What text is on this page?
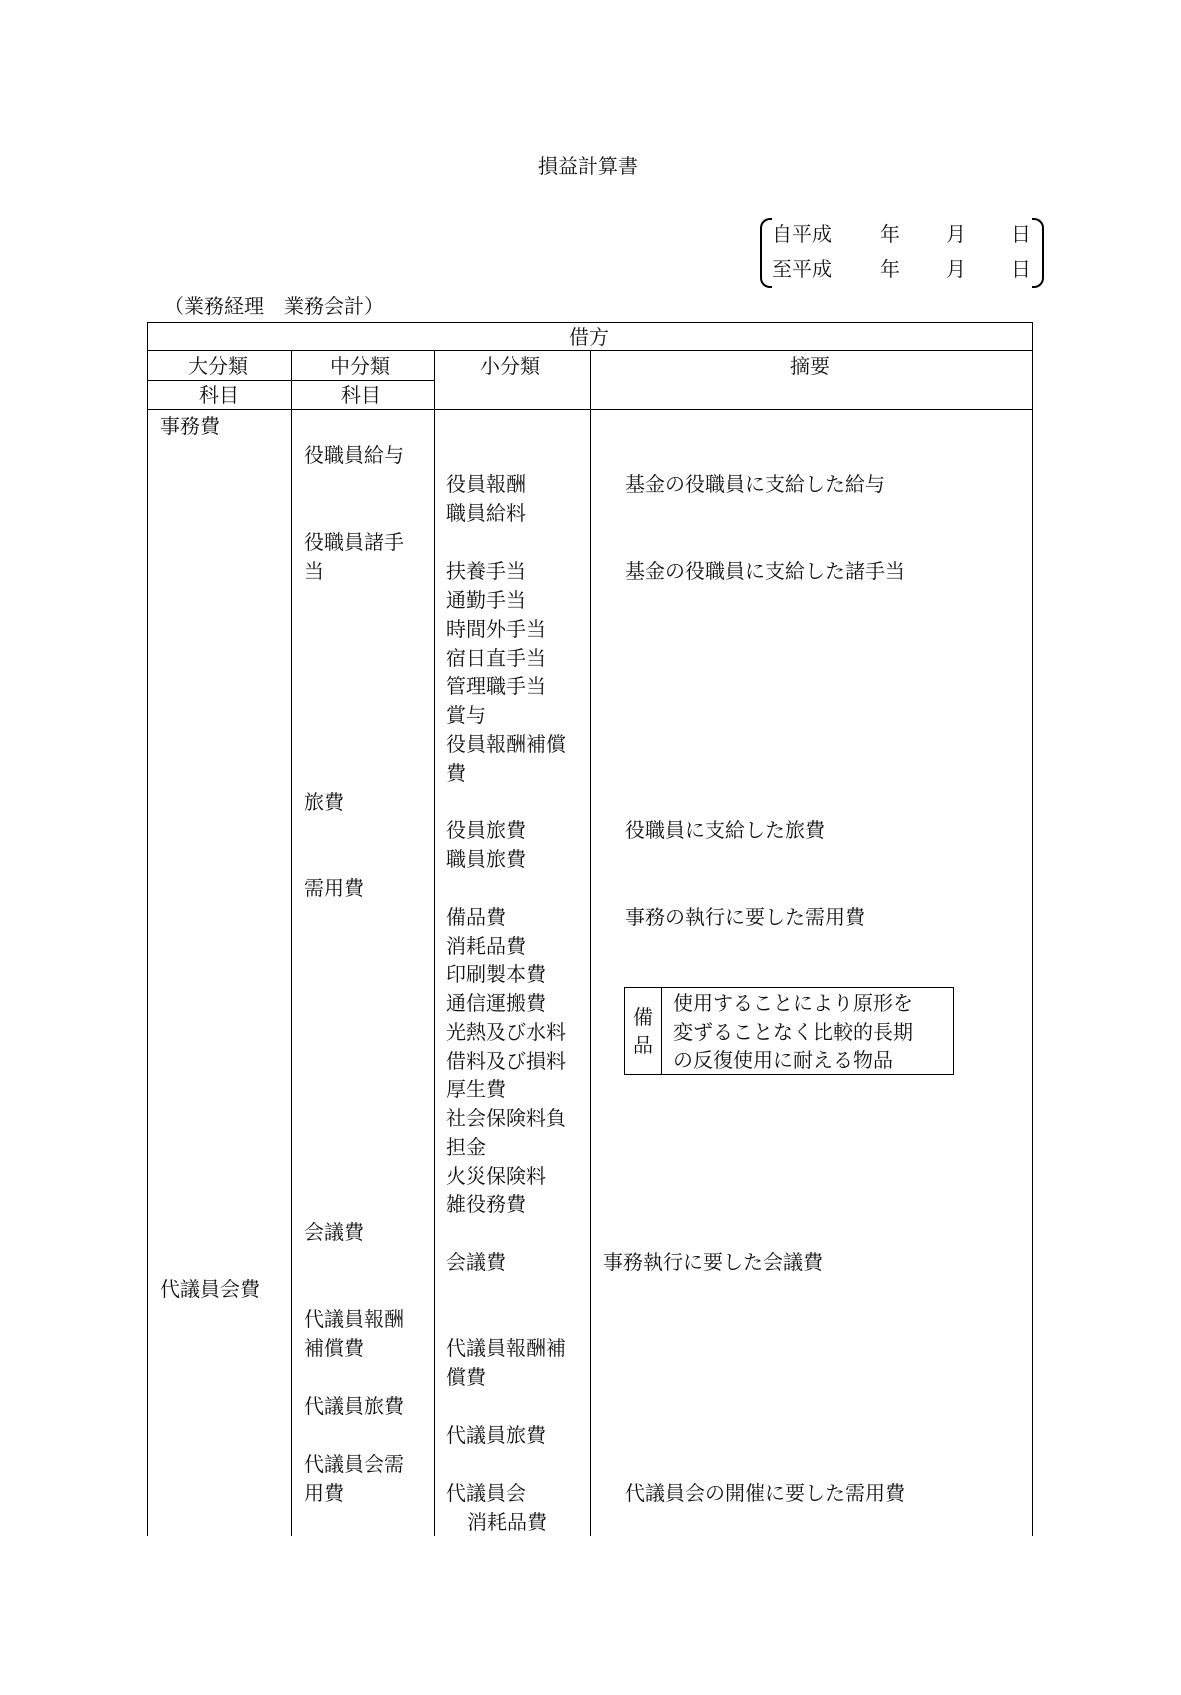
損益計算書
自平成 年 月 日
至平成 年 月 日
（業務経理　業務会計）
借方
大分類
科目
中分類
科目
小分類	摘要
事務費
代議員会費
役職員給与
役職員諸手
当
旅費
需用費
会議費
代議員報酬
補償費
代議員旅費
代議員会需
用費
役員報酬
職員給料
扶養手当
通勤手当
時間外手当
宿日直手当
管理職手当
賞与
役員報酬補償
費
役員旅費
職員旅費
備品費
消耗品費
印刷製本費
通信運搬費
光熱及び水料
借料及び損料
厚生費
社会保険料負
担金
火災保険料
雑役務費
会議費
代議員報酬補
償費
代議員旅費
代議員会
消耗品費
基金の役職員に支給した給与
基金の役職員に支給した諸手当
役職員に支給した旅費
事務の執行に要した需用費
事務執行に要した会議費
代議員会の開催に要した需用費
備
品
使用することにより原形を
変ずることなく比較的長期
の反復使用に耐える物品
